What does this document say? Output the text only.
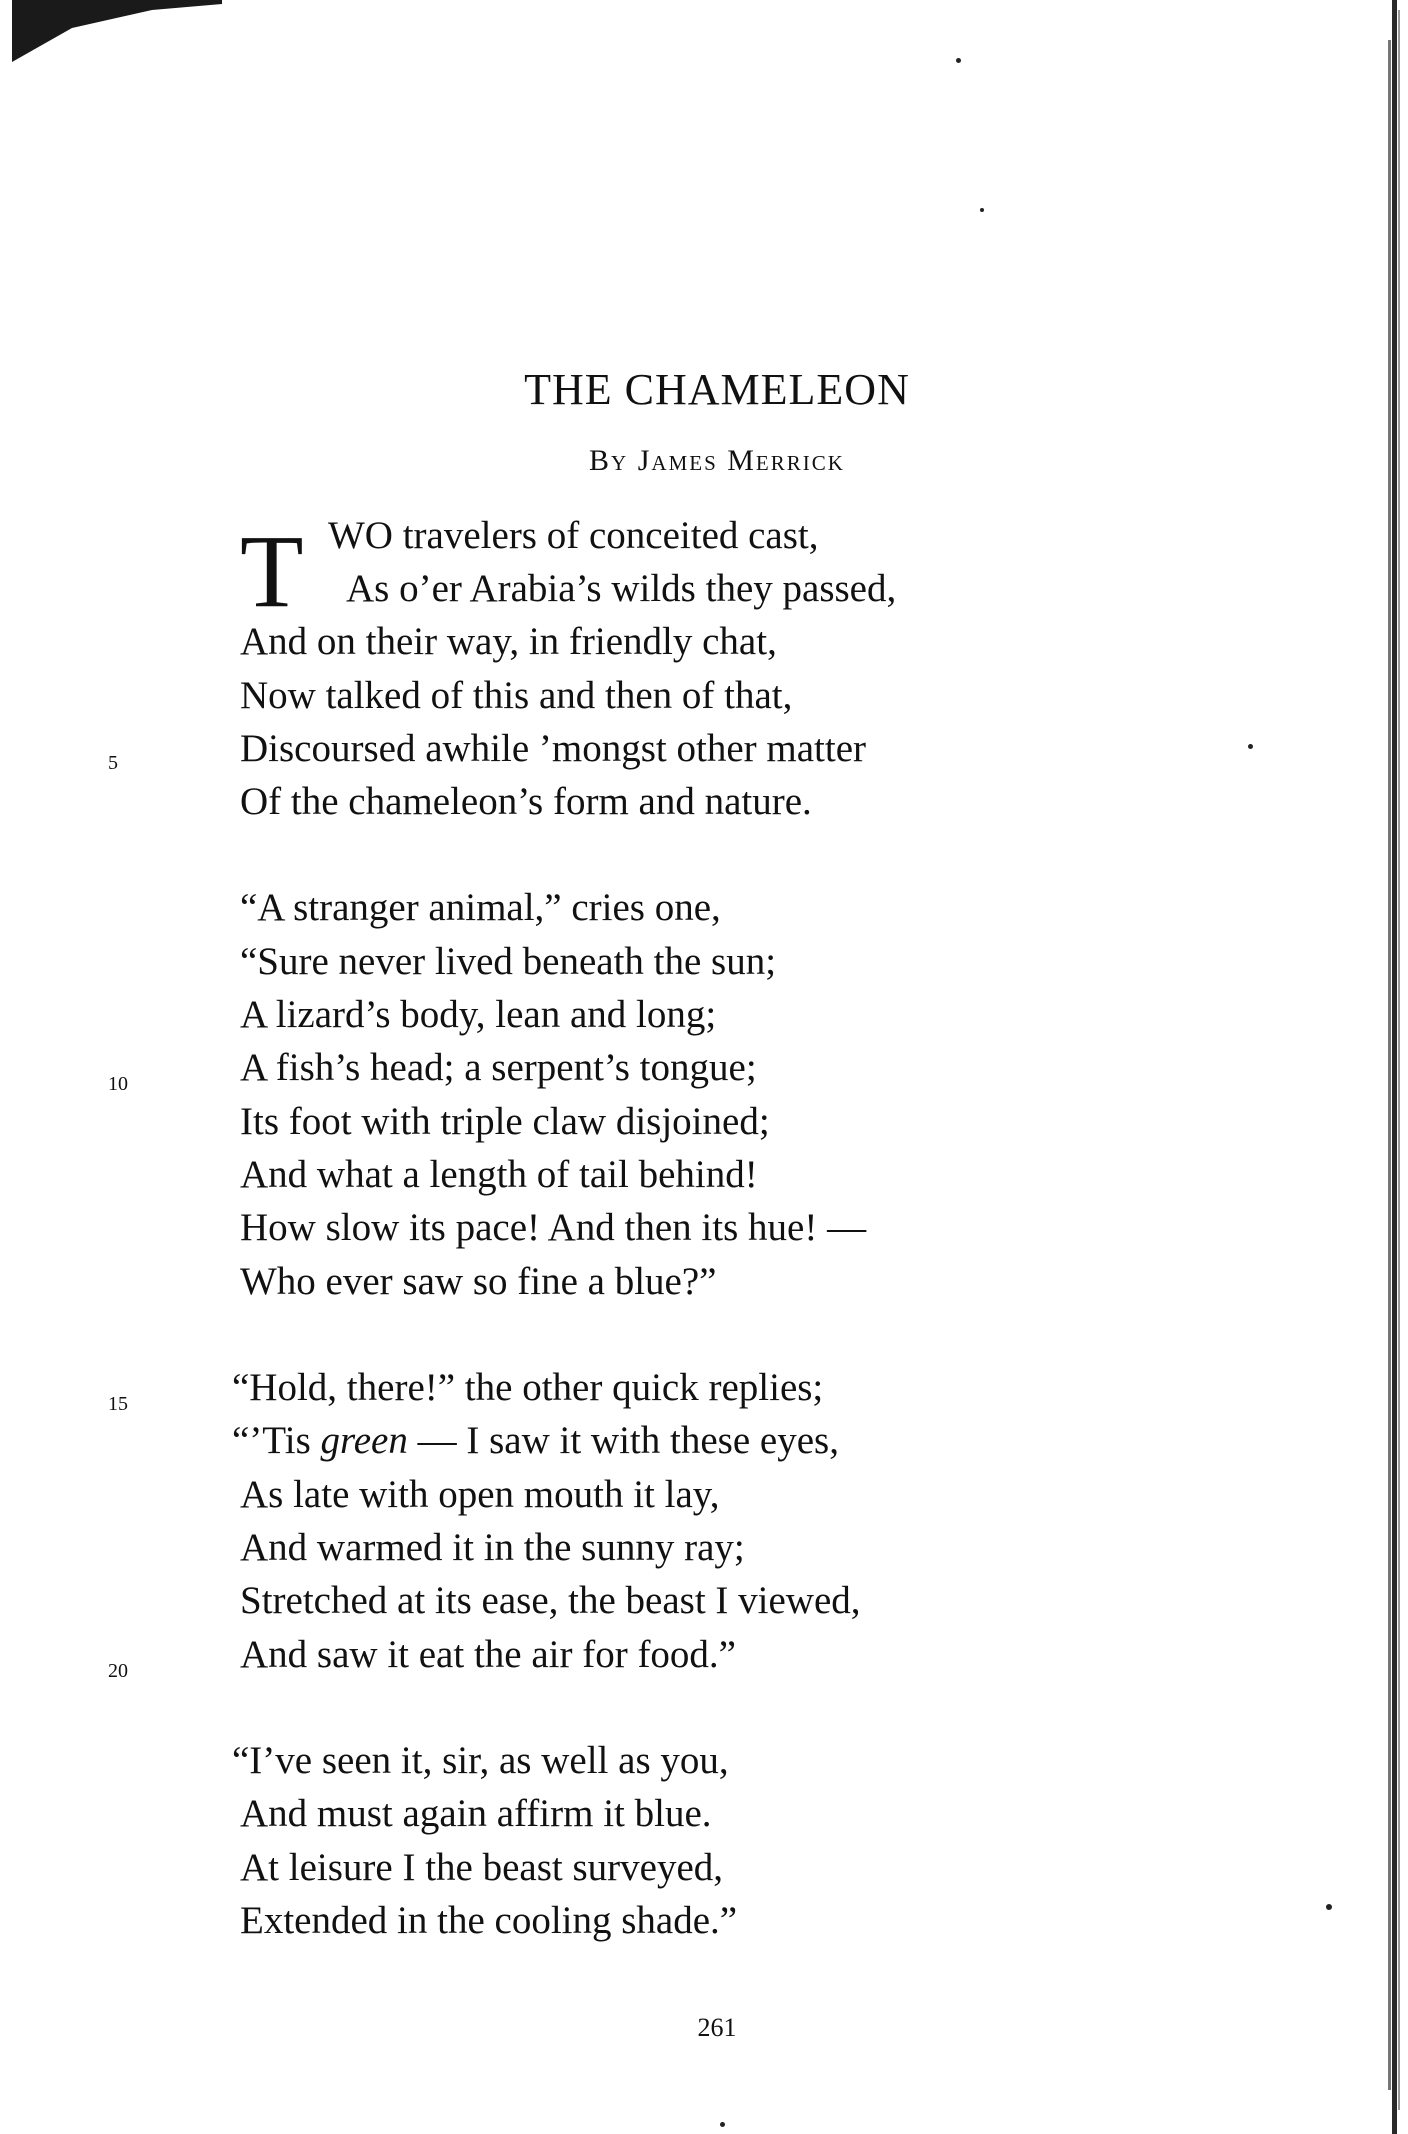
THE CHAMELEON
By James Merrick
T WO travelers of conceited cast,
As o’er Arabia’s wilds they passed,
And on their way, in friendly chat,
Now talked of this and then of that,
Discoursed awhile ’mongst other matter
Of the chameleon’s form and nature.
“A stranger animal,” cries one,
“Sure never lived beneath the sun;
A lizard’s body, lean and long;
A fish’s head; a serpent’s tongue;
Its foot with triple claw disjoined;
And what a length of tail behind!
How slow its pace! And then its hue! —
Who ever saw so fine a blue?”
“Hold, there!” the other quick replies;
“’Tis green — I saw it with these eyes,
As late with open mouth it lay,
And warmed it in the sunny ray;
Stretched at its ease, the beast I viewed,
And saw it eat the air for food.”
“I’ve seen it, sir, as well as you,
And must again affirm it blue.
At leisure I the beast surveyed,
Extended in the cooling shade.”
5
10
15
20
261
